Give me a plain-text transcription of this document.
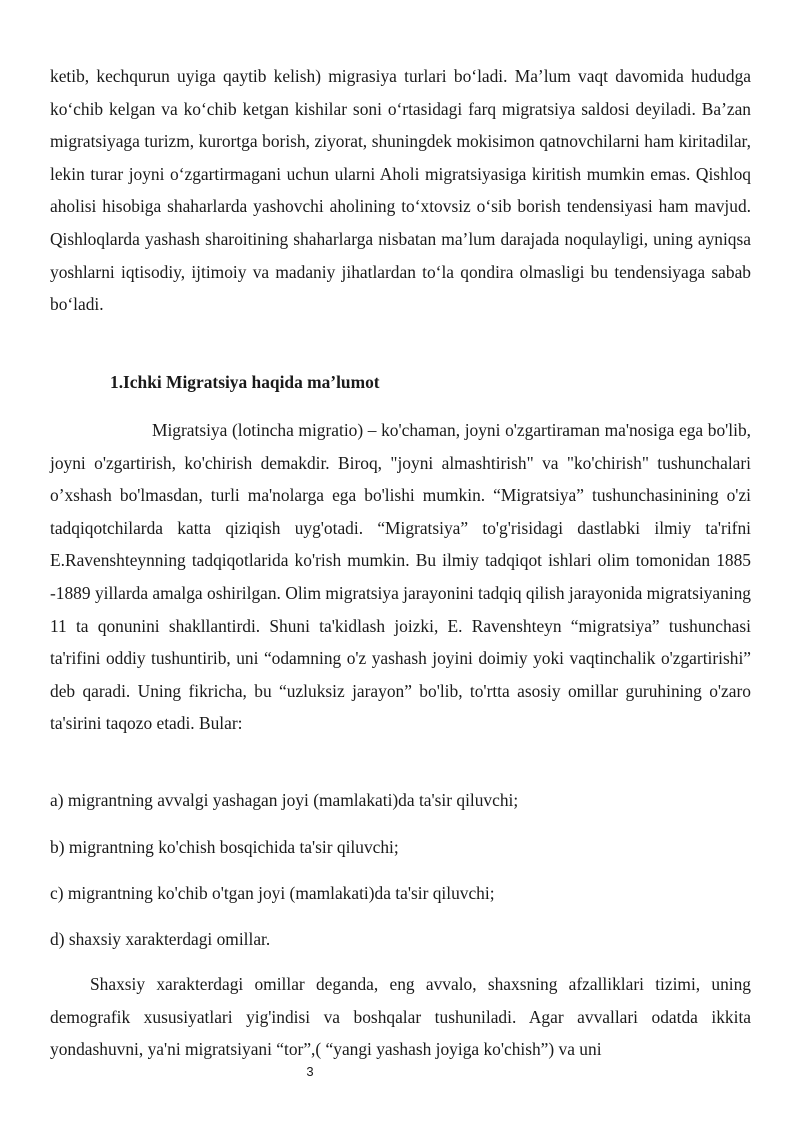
ketib, kechqurun uyiga qaytib kelish) migrasiya turlari bo‘ladi. Ma’lum vaqt davomida hududga ko‘chib kelgan va ko‘chib ketgan kishilar soni o‘rtasidagi farq migratsiya saldosi deyiladi. Ba’zan migratsiyaga turizm, kurortga borish, ziyorat, shuningdek mokisimon qatnovchilarni ham kiritadilar, lekin turar joyni o‘zgartirmagani uchun ularni Aholi migratsiyasiga kiritish mumkin emas. Qishloq aholisi hisobiga shaharlarda yashovchi aholining to‘xtovsiz o‘sib borish tendensiyasi ham mavjud. Qishloqlarda yashash sharoitining shaharlarga nisbatan ma’lum darajada noqulayligi, uning ayniqsa yoshlarni iqtisodiy, ijtimoiy va madaniy jihatlardan to‘la qondira olmasligi bu tendensiyaga sabab bo‘ladi.

1.Ichki Migratsiya haqida ma’lumot

Migratsiya (lotincha migratio) – ko'chaman, joyni o'zgartiraman ma'nosiga ega bo'lib, joyni o'zgartirish, ko'chirish demakdir. Biroq, "joyni almashtirish" va "ko'chirish" tushunchalari o’xshash bo'lmasdan, turli ma'nolarga ega bo'lishi mumkin. “Migratsiya” tushunchasinining o'zi tadqiqotchilarda katta qiziqish uyg'otadi. “Migratsiya” to'g'risidagi dastlabki ilmiy ta'rifni E.Ravenshteynning tadqiqotlarida ko'rish mumkin. Bu ilmiy tadqiqot ishlari olim tomonidan 1885 -1889 yillarda amalga oshirilgan. Olim migratsiya jarayonini tadqiq qilish jarayonida migratsiyaning 11 ta qonunini shakllantirdi. Shuni ta'kidlash joizki, E. Ravenshteyn “migratsiya” tushunchasi ta'rifini oddiy tushuntirib, uni “odamning o'z yashash joyini doimiy yoki vaqtinchalik o'zgartirishi” deb qaradi. Uning fikricha, bu “uzluksiz jarayon” bo'lib, to'rtta asosiy omillar guruhining o'zaro ta'sirini taqozo etadi. Bular:

a) migrantning avvalgi yashagan joyi (mamlakati)da ta'sir qiluvchi;

b) migrantning ko'chish bosqichida ta'sir qiluvchi;

c) migrantning ko'chib o'tgan joyi (mamlakati)da ta'sir qiluvchi;

d) shaxsiy xarakterdagi omillar.

Shaxsiy xarakterdagi omillar deganda, eng avvalo, shaxsning afzalliklari tizimi, uning demografik xususiyatlari yig'indisi va boshqalar tushuniladi. Agar avvallari odatda ikkita yondashuvni, ya'ni migratsiyani “tor”,( “yangi yashash joyiga ko'chish”) va uni

3
